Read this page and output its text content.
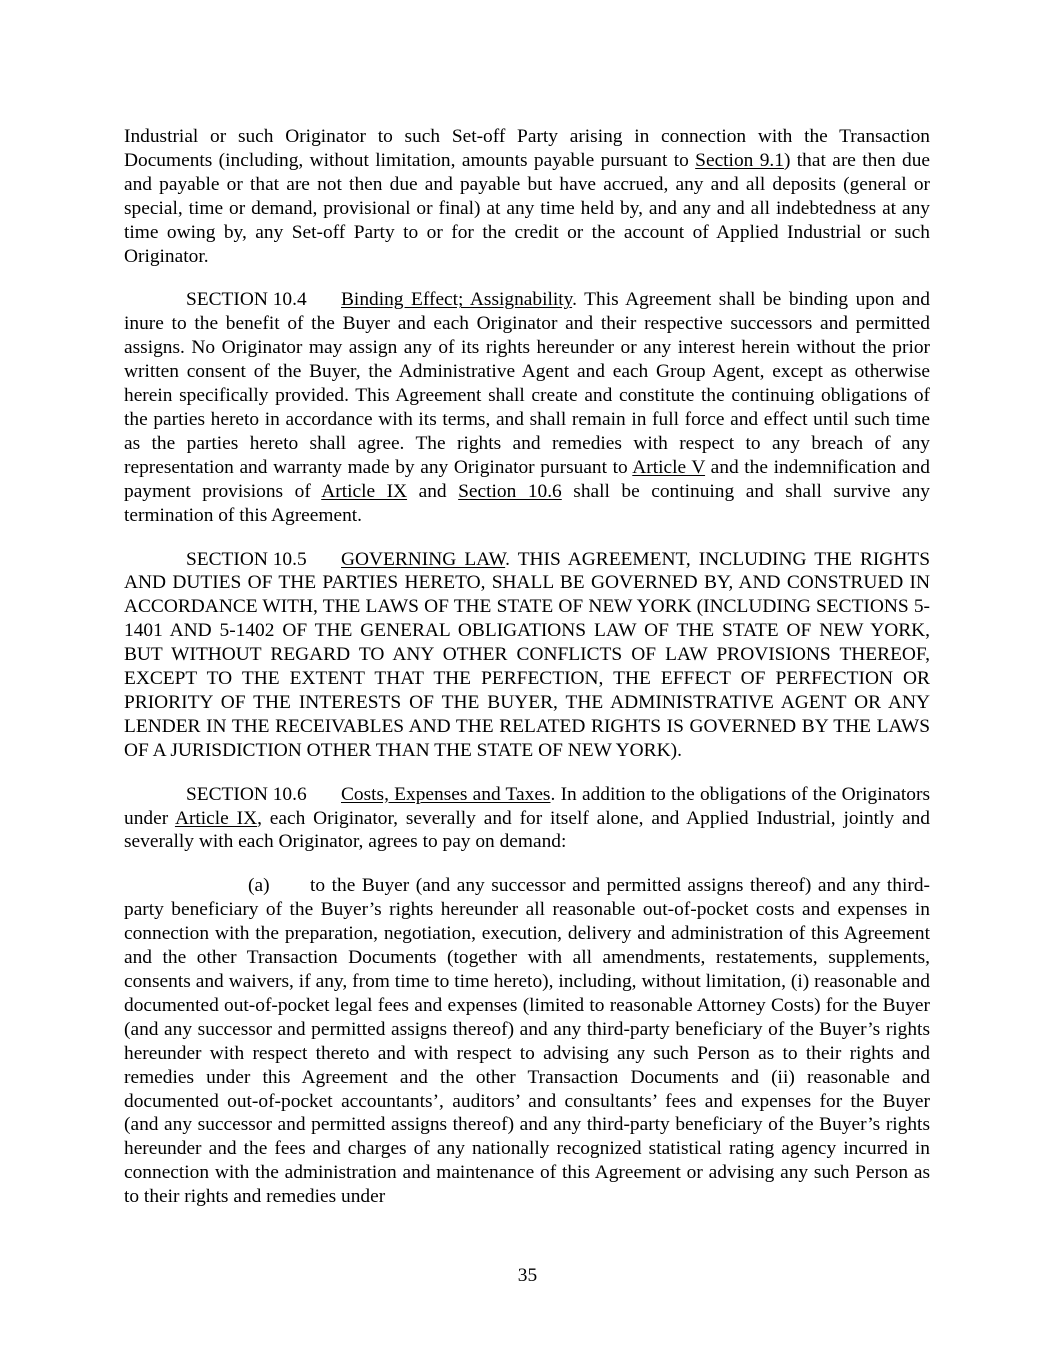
Industrial or such Originator to such Set-off Party arising in connection with the Transaction Documents (including, without limitation, amounts payable pursuant to Section 9.1) that are then due and payable or that are not then due and payable but have accrued, any and all deposits (general or special, time or demand, provisional or final) at any time held by, and any and all indebtedness at any time owing by, any Set-off Party to or for the credit or the account of Applied Industrial or such Originator.

SECTION 10.4 Binding Effect; Assignability. This Agreement shall be binding upon and inure to the benefit of the Buyer and each Originator and their respective successors and permitted assigns. No Originator may assign any of its rights hereunder or any interest herein without the prior written consent of the Buyer, the Administrative Agent and each Group Agent, except as otherwise herein specifically provided. This Agreement shall create and constitute the continuing obligations of the parties hereto in accordance with its terms, and shall remain in full force and effect until such time as the parties hereto shall agree. The rights and remedies with respect to any breach of any representation and warranty made by any Originator pursuant to Article V and the indemnification and payment provisions of Article IX and Section 10.6 shall be continuing and shall survive any termination of this Agreement.

SECTION 10.5 GOVERNING LAW. THIS AGREEMENT, INCLUDING THE RIGHTS AND DUTIES OF THE PARTIES HERETO, SHALL BE GOVERNED BY, AND CONSTRUED IN ACCORDANCE WITH, THE LAWS OF THE STATE OF NEW YORK (INCLUDING SECTIONS 5-1401 AND 5-1402 OF THE GENERAL OBLIGATIONS LAW OF THE STATE OF NEW YORK, BUT WITHOUT REGARD TO ANY OTHER CONFLICTS OF LAW PROVISIONS THEREOF, EXCEPT TO THE EXTENT THAT THE PERFECTION, THE EFFECT OF PERFECTION OR PRIORITY OF THE INTERESTS OF THE BUYER, THE ADMINISTRATIVE AGENT OR ANY LENDER IN THE RECEIVABLES AND THE RELATED RIGHTS IS GOVERNED BY THE LAWS OF A JURISDICTION OTHER THAN THE STATE OF NEW YORK).

SECTION 10.6 Costs, Expenses and Taxes. In addition to the obligations of the Originators under Article IX, each Originator, severally and for itself alone, and Applied Industrial, jointly and severally with each Originator, agrees to pay on demand:

(a) to the Buyer (and any successor and permitted assigns thereof) and any third-party beneficiary of the Buyer’s rights hereunder all reasonable out-of-pocket costs and expenses in connection with the preparation, negotiation, execution, delivery and administration of this Agreement and the other Transaction Documents (together with all amendments, restatements, supplements, consents and waivers, if any, from time to time hereto), including, without limitation, (i) reasonable and documented out-of-pocket legal fees and expenses (limited to reasonable Attorney Costs) for the Buyer (and any successor and permitted assigns thereof) and any third-party beneficiary of the Buyer’s rights hereunder with respect thereto and with respect to advising any such Person as to their rights and remedies under this Agreement and the other Transaction Documents and (ii) reasonable and documented out-of-pocket accountants’, auditors’ and consultants’ fees and expenses for the Buyer (and any successor and permitted assigns thereof) and any third-party beneficiary of the Buyer’s rights hereunder and the fees and charges of any nationally recognized statistical rating agency incurred in connection with the administration and maintenance of this Agreement or advising any such Person as to their rights and remedies under

35
